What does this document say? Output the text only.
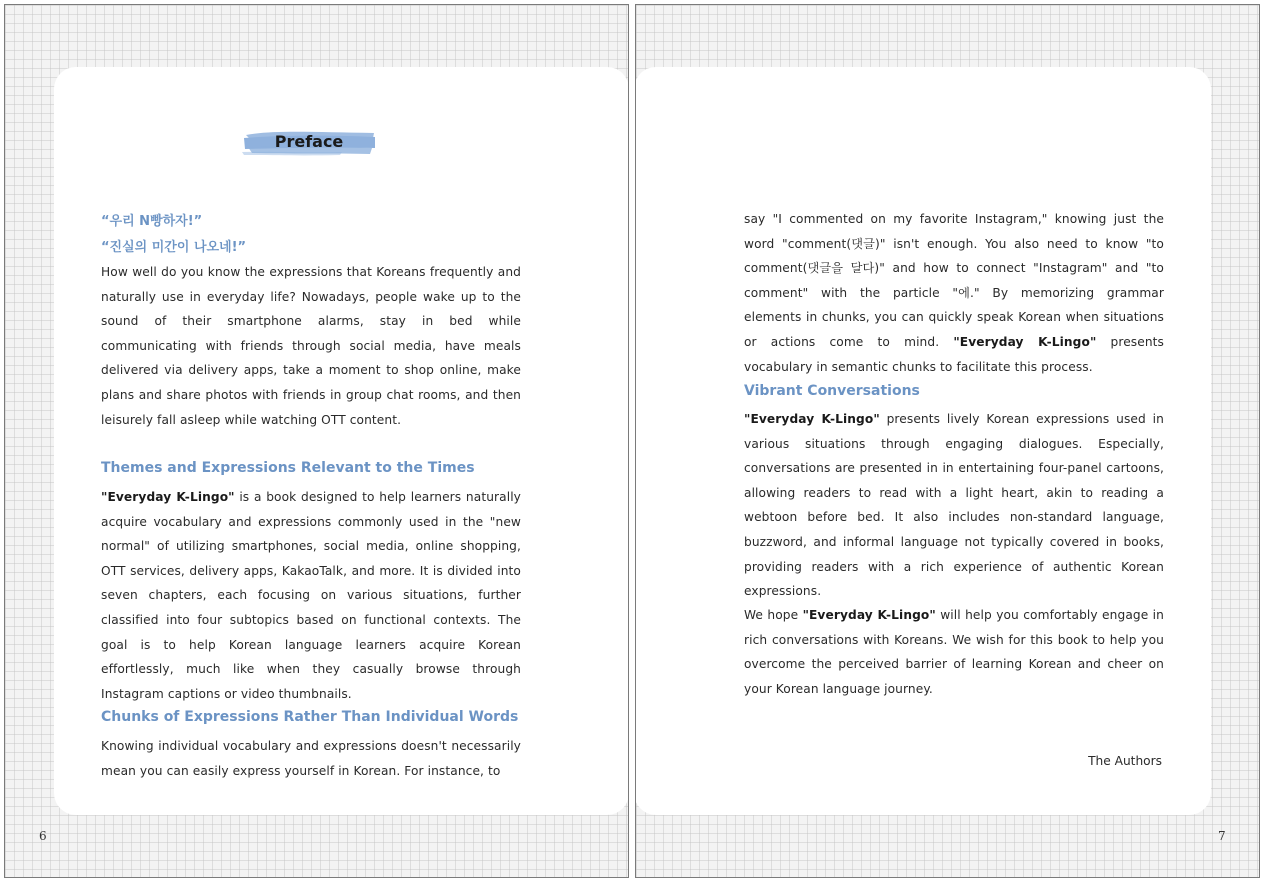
Preface
“우리 N빵하자!”
“진실의 미간이 나오네!”

How well do you know the expressions that Koreans frequently and naturally use in everyday life? Nowadays, people wake up to the sound of their smartphone alarms, stay in bed while communicating with friends through social media, have meals delivered via delivery apps, take a moment to shop online, make plans and share photos with friends in group chat rooms, and then leisurely fall asleep while watching OTT content.

Themes and Expressions Relevant to the Times

"Everyday K-Lingo" is a book designed to help learners naturally acquire vocabulary and expressions commonly used in the "new normal" of utilizing smartphones, social media, online shopping, OTT services, delivery apps, KakaoTalk, and more. It is divided into seven chapters, each focusing on various situations, further classified into four subtopics based on functional contexts. The goal is to help Korean language learners acquire Korean effortlessly, much like when they casually browse through Instagram captions or video thumbnails.

Chunks of Expressions Rather Than Individual Words

Knowing individual vocabulary and expressions doesn't necessarily mean you can easily express yourself in Korean. For instance, to

6

say "I commented on my favorite Instagram," knowing just the word "comment(댓글)" isn't enough. You also need to know "to comment(댓글을 달다)" and how to connect "Instagram" and "to comment" with the particle "에." By memorizing grammar elements in chunks, you can quickly speak Korean when situations or actions come to mind. "Everyday K-Lingo" presents vocabulary in semantic chunks to facilitate this process.

Vibrant Conversations

"Everyday K-Lingo" presents lively Korean expressions used in various situations through engaging dialogues. Especially, conversations are presented in in entertaining four-panel cartoons, allowing readers to read with a light heart, akin to reading a webtoon before bed. It also includes non-standard language, buzzword, and informal language not typically covered in books, providing readers with a rich experience of authentic Korean expressions.

We hope "Everyday K-Lingo" will help you comfortably engage in rich conversations with Koreans. We wish for this book to help you overcome the perceived barrier of learning Korean and cheer on your Korean language journey.

The Authors
7
